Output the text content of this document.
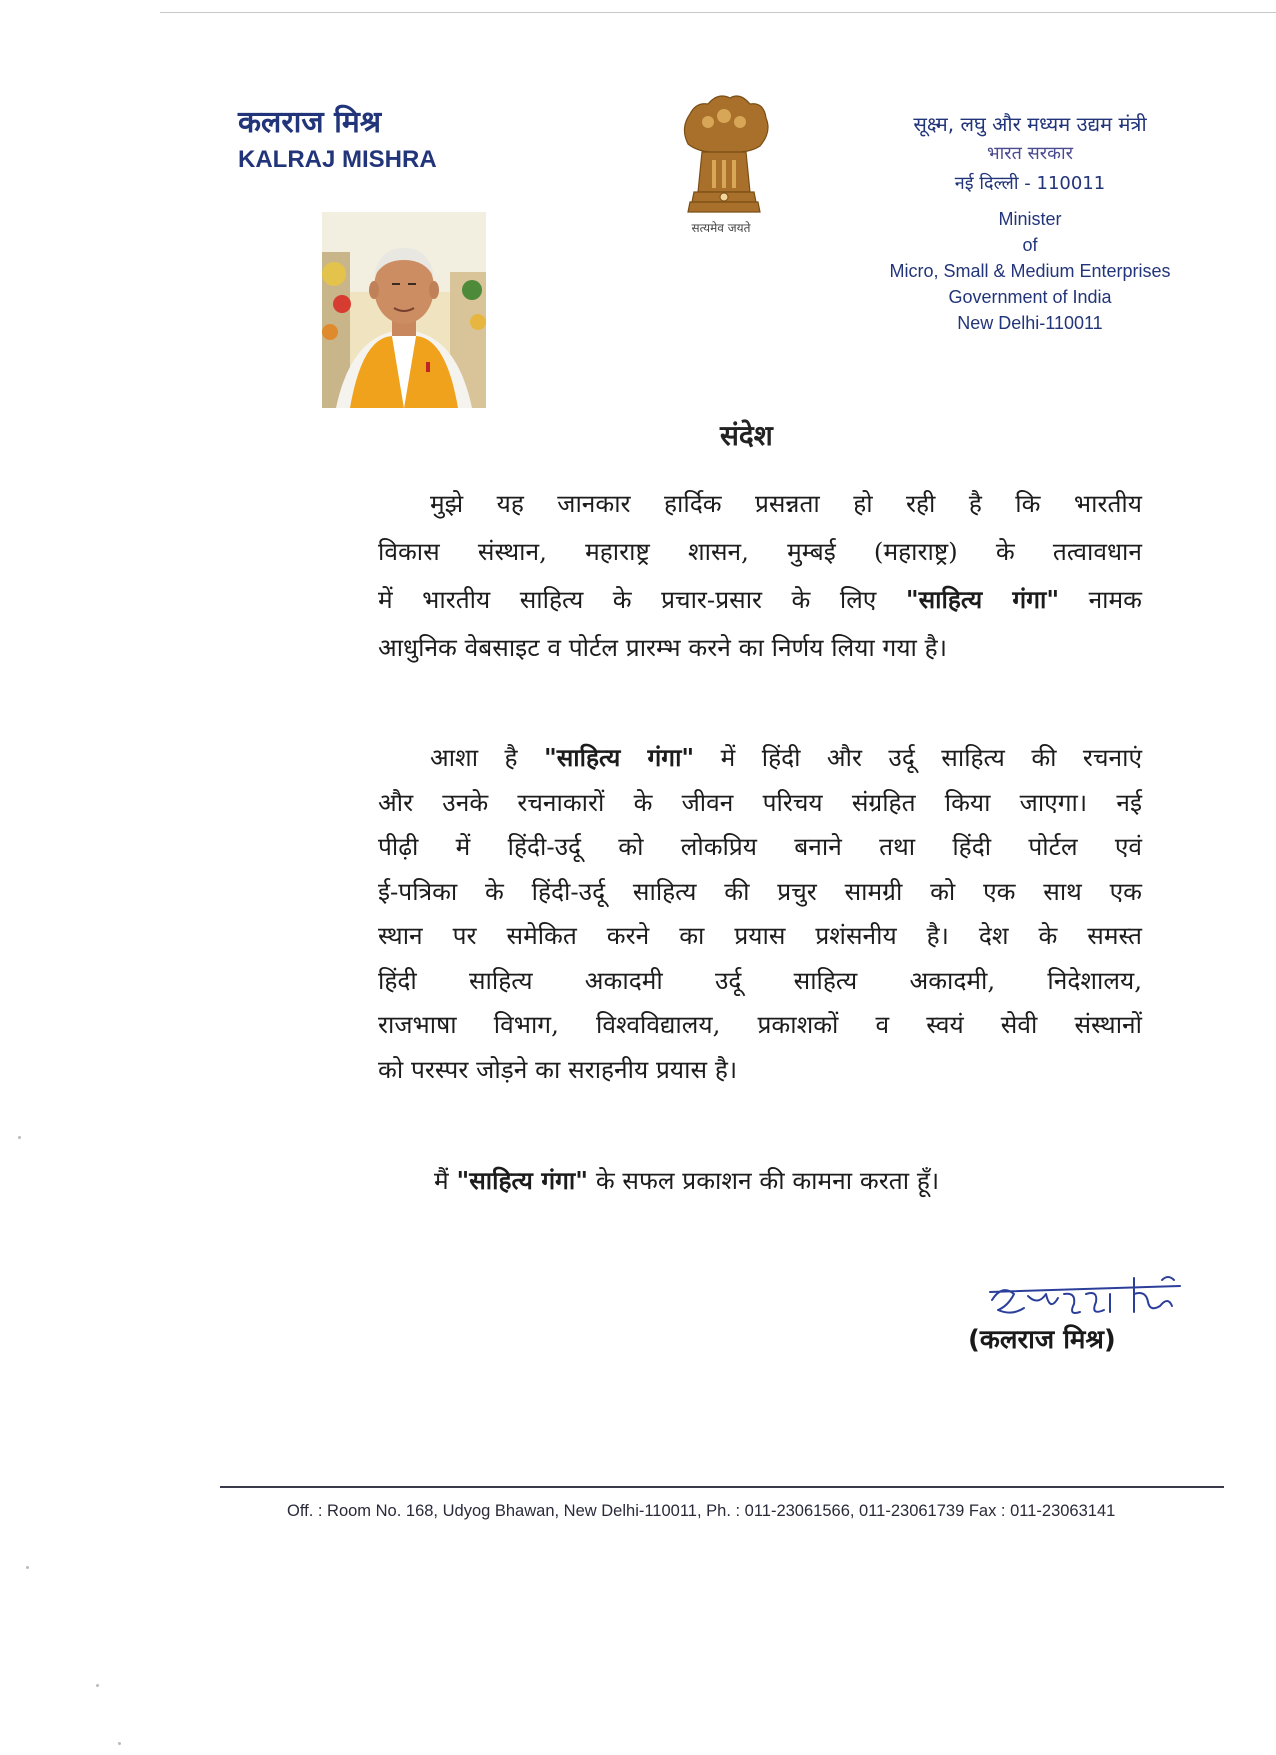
कलराज मिश्र
KALRAJ MISHRA
सत्यमेव जयते
सूक्ष्म, लघु और मध्यम उद्यम मंत्री
भारत सरकार
नई दिल्ली - 110011
Minister
of
Micro, Small & Medium Enterprises
Government of India
New Delhi-110011
संदेश
मुझे यह जानकार हार्दिक प्रसन्नता हो रही है कि भारतीय
विकास संस्थान, महाराष्ट्र शासन, मुम्बई (महाराष्ट्र) के तत्वावधान
में भारतीय साहित्य के प्रचार-प्रसार के लिए "साहित्य गंगा" नामक
आधुनिक वेबसाइट व पोर्टल प्रारम्भ करने का निर्णय लिया गया है।
आशा है "साहित्य गंगा" में हिंदी और उर्दू साहित्य की रचनाएं
और उनके रचनाकारों के जीवन परिचय संग्रहित किया जाएगा। नई
पीढ़ी में हिंदी-उर्दू को लोकप्रिय बनाने तथा हिंदी पोर्टल एवं
ई-पत्रिका के हिंदी-उर्दू साहित्य की प्रचुर सामग्री को एक साथ एक
स्थान पर समेकित करने का प्रयास प्रशंसनीय है। देश के समस्त
हिंदी साहित्य अकादमी उर्दू साहित्य अकादमी, निदेशालय,
राजभाषा विभाग, विश्वविद्यालय, प्रकाशकों व स्वयं सेवी संस्थानों
को परस्पर जोड़ने का सराहनीय प्रयास है।
मैं "साहित्य गंगा" के सफल प्रकाशन की कामना करता हूँ।
(कलराज मिश्र)
Off. : Room No. 168, Udyog Bhawan, New Delhi-110011, Ph. : 011-23061566, 011-23061739 Fax : 011-23063141
